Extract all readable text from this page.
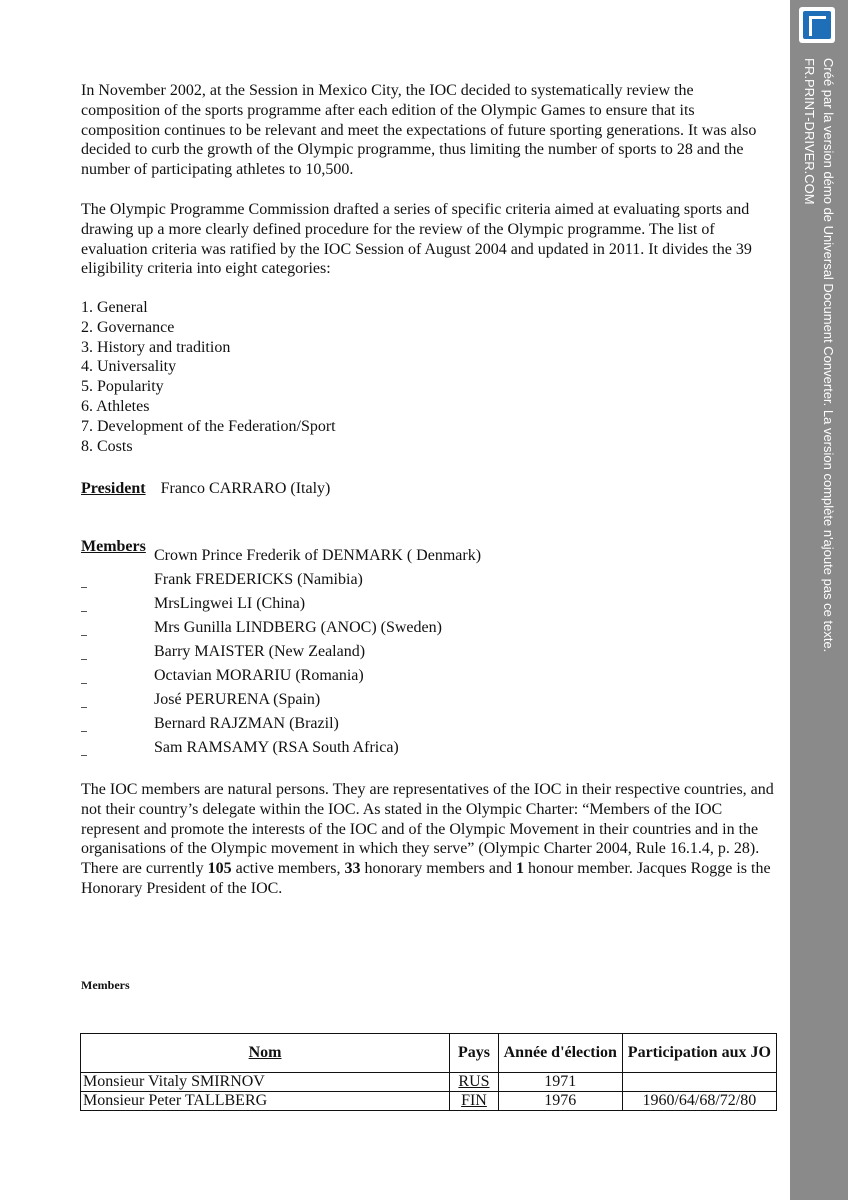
In November 2002, at the Session in Mexico City, the IOC decided to systematically review the composition of the sports programme after each edition of the Olympic Games to ensure that its composition continues to be relevant and meet the expectations of future sporting generations. It was also decided to curb the growth of the Olympic programme, thus limiting the number of sports to 28 and the number of participating athletes to 10,500.

The Olympic Programme Commission drafted a series of specific criteria aimed at evaluating sports and drawing up a more clearly defined procedure for the review of the Olympic programme. The list of evaluation criteria was ratified by the IOC Session of August 2004 and updated in 2011. It divides the 39 eligibility criteria into eight categories:

1. General
2. Governance
3. History and tradition
4. Universality
5. Popularity
6. Athletes
7. Development of the Federation/Sport
8. Costs
President Franco CARRARO (Italy)
Members
Crown Prince Frederik of DENMARK ( Denmark)
Frank FREDERICKS (Namibia)
MrsLingwei LI (China)
Mrs Gunilla LINDBERG (ANOC) (Sweden)
Barry MAISTER (New Zealand)
Octavian MORARIU (Romania)
José PERURENA (Spain)
Bernard RAJZMAN (Brazil)
Sam RAMSAMY (RSA South Africa)

The IOC members are natural persons. They are representatives of the IOC in their respective countries, and not their country’s delegate within the IOC. As stated in the Olympic Charter: “Members of the IOC represent and promote the interests of the IOC and of the Olympic Movement in their countries and in the organisations of the Olympic movement in which they serve” (Olympic Charter 2004, Rule 16.1.4, p. 28). There are currently 105 active members, 33 honorary members and 1 honour member. Jacques Rogge is the Honorary President of the IOC.

Members
Nom	Pays	Année d'élection	Participation aux JO
Monsieur Vitaly SMIRNOV	RUS	1971	
Monsieur Peter TALLBERG	FIN	1976	1960/64/68/72/80
Créé par la version démo de Universal Document Converter. La version complète n'ajoute pas ce texte.
FR.PRINT-DRIVER.COM
